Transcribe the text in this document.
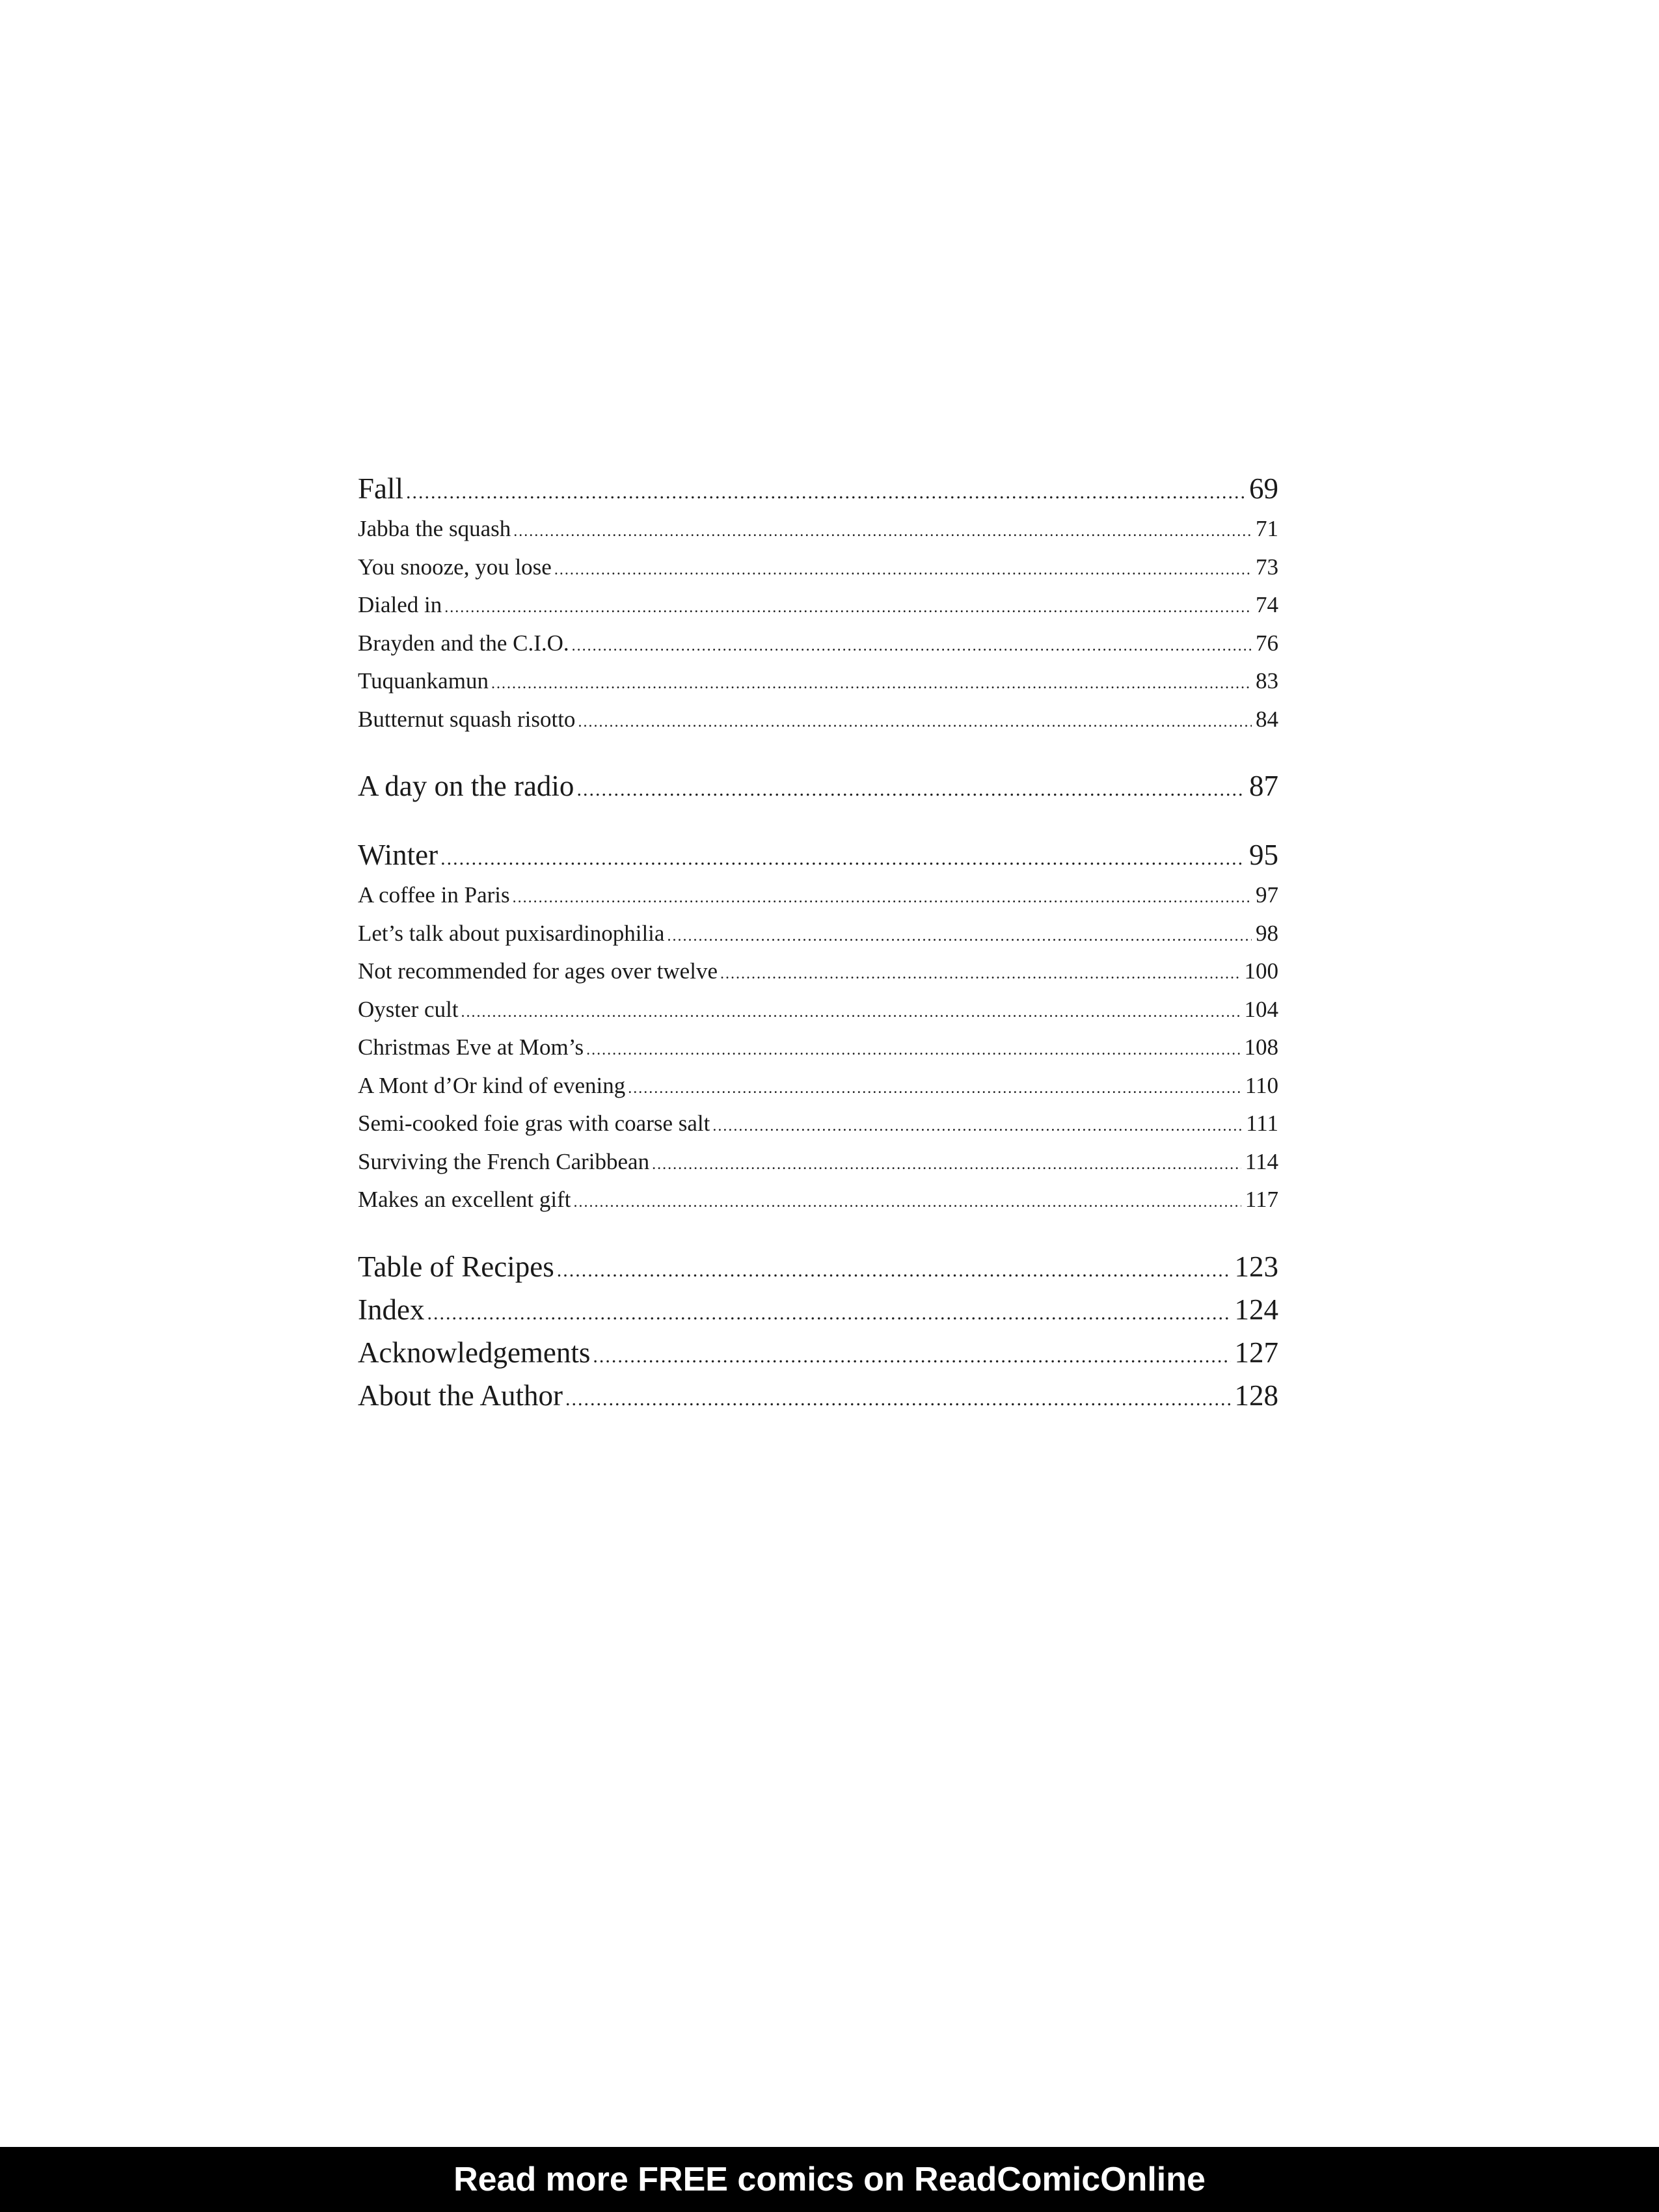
Fall .....	69
Jabba the squash .....	71
You snooze, you lose .....	73
Dialed in .....	74
Brayden and the C.I.O. .....	76
Tuquankamun .....	83
Butternut squash risotto .....	84
A day on the radio .....	87
Winter .....	95
A coffee in Paris .....	97
Let’s talk about puxisardinophilia .....	98
Not recommended for ages over twelve .....	100
Oyster cult .....	104
Christmas Eve at Mom’s .....	108
A Mont d’Or kind of evening .....	110
Semi-cooked foie gras with coarse salt .....	111
Surviving the French Caribbean .....	114
Makes an excellent gift .....	117
Table of Recipes .....	123
Index .....	124
Acknowledgements .....	127
About the Author .....	128
Read more FREE comics on ReadComicOnline
